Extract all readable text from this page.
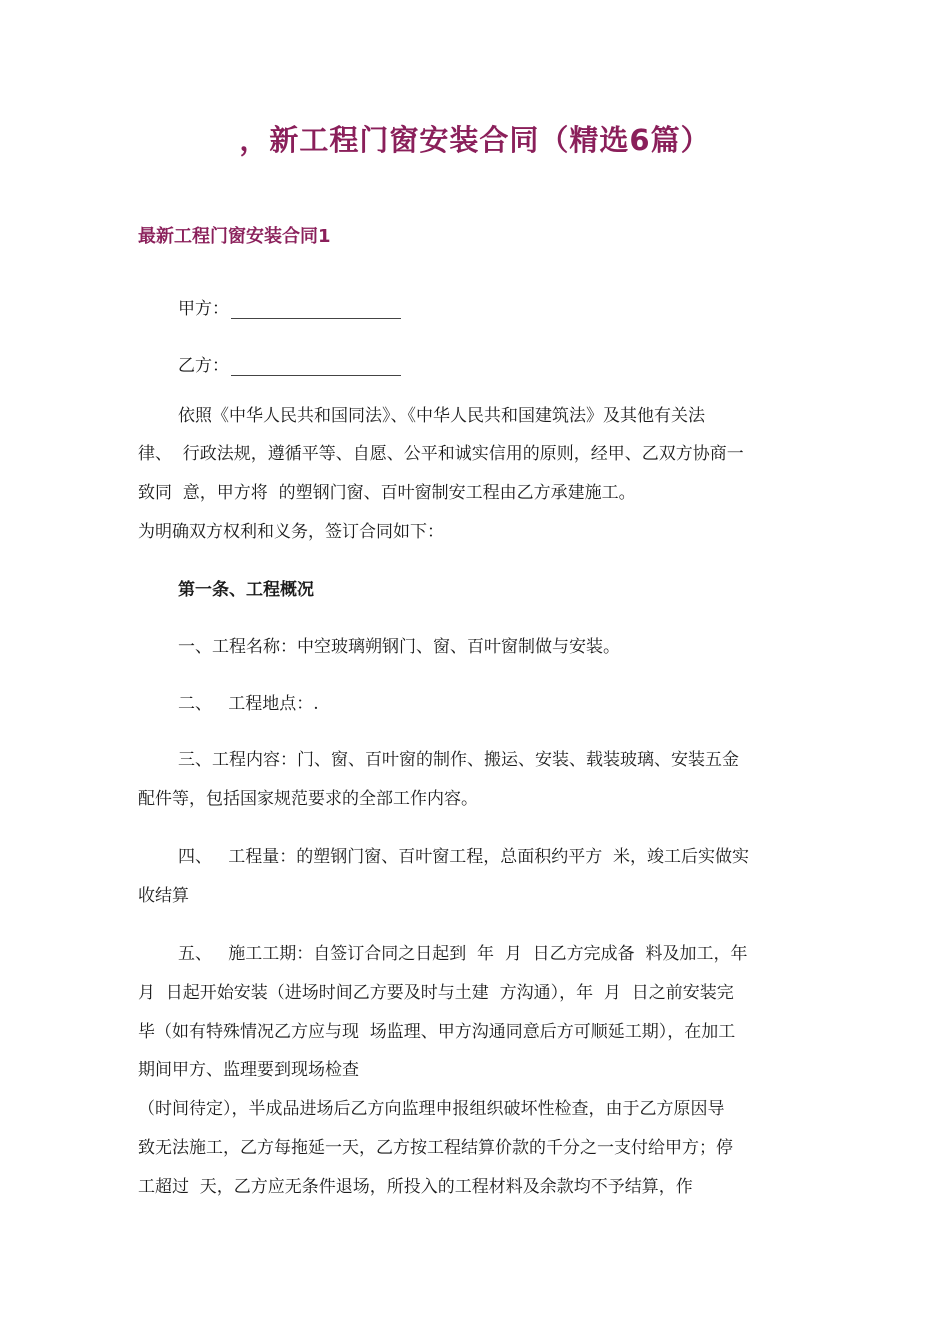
，新工程门窗安装合同（精选6篇）
最新工程门窗安装合同1
甲方：
乙方：

依照《中华人民共和国同法》、《中华人民共和国建筑法》及其他有关法

律、  行政法规，遵循平等、自愿、公平和诚实信用的原则，经甲、乙双方协商一

致同  意，甲方将  的塑钢门窗、百叶窗制安工程由乙方承建施工。

为明确双方权利和义务，签订合同如下：

第一条、工程概况

一、工程名称：中空玻璃朔钢门、窗、百叶窗制做与安装。

二、   工程地点：.

三、工程内容：门、窗、百叶窗的制作、搬运、安装、载装玻璃、安装五金

配件等，包括国家规范要求的全部工作内容。

四、   工程量：的塑钢门窗、百叶窗工程，总面积约平方  米，竣工后实做实

收结算

五、   施工工期：自签订合同之日起到  年  月  日乙方完成备  料及加工，年

月  日起开始安装（进场时间乙方要及时与土建  方沟通），年  月  日之前安装完

毕（如有特殊情况乙方应与现  场监理、甲方沟通同意后方可顺延工期），在加工

期间甲方、监理要到现场检查

（时间待定），半成品进场后乙方向监理申报组织破坏性检查，由于乙方原因导

致无法施工，乙方每拖延一天，乙方按工程结算价款的千分之一支付给甲方；停

工超过  天，乙方应无条件退场，所投入的工程材料及余款均不予结算，作
